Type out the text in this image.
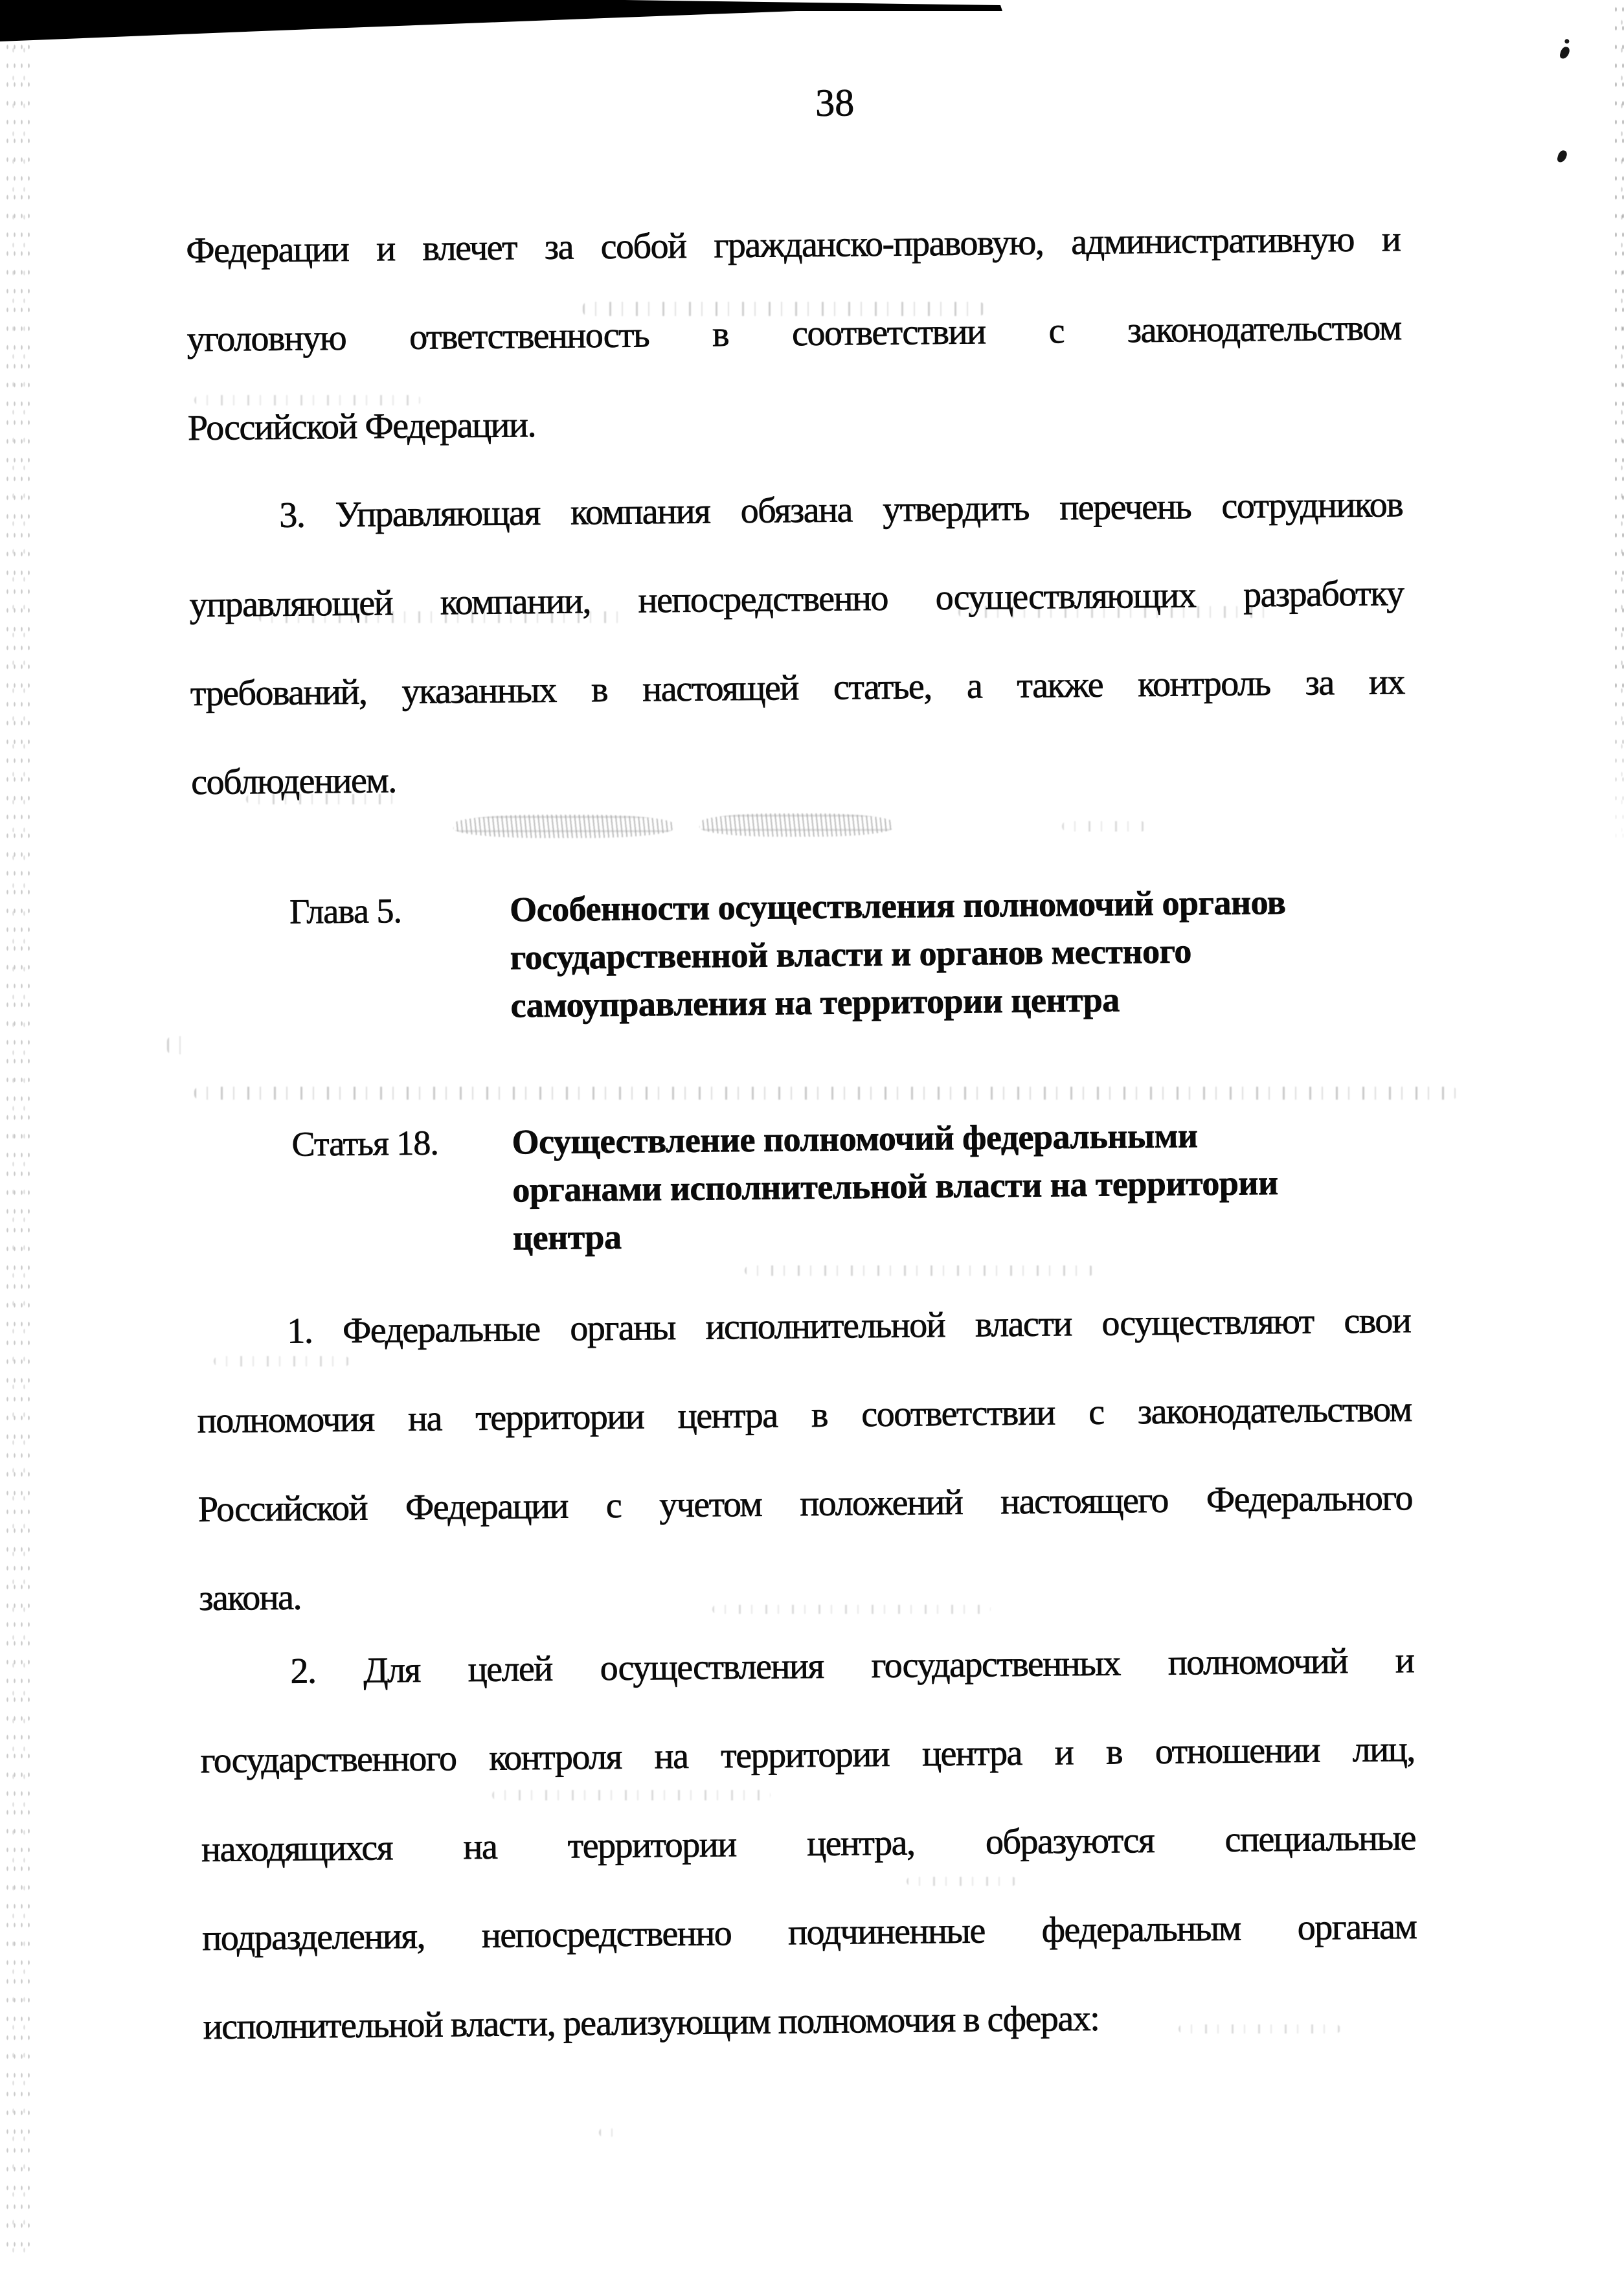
38
Федерации и влечет за собой гражданско-правовую, административную и
уголовную ответственность в соответствии с законодательством
Российской Федерации.
3. Управляющая компания обязана утвердить перечень сотрудников
управляющей компании, непосредственно осуществляющих разработку
требований, указанных в настоящей статье, а также контроль за их
соблюдением.
Глава 5.	Особенности осуществления полномочий органов
государственной власти и органов местного
самоуправления на территории центра
Статья 18.	Осуществление полномочий федеральными
органами исполнительной власти на территории
центра
1. Федеральные органы исполнительной власти осуществляют свои
полномочия на территории центра в соответствии с законодательством
Российской Федерации с учетом положений настоящего Федерального
закона.
2. Для целей осуществления государственных полномочий и
государственного контроля на территории центра и в отношении лиц,
находящихся на территории центра, образуются специальные
подразделения, непосредственно подчиненные федеральным органам
исполнительной власти, реализующим полномочия в сферах:
